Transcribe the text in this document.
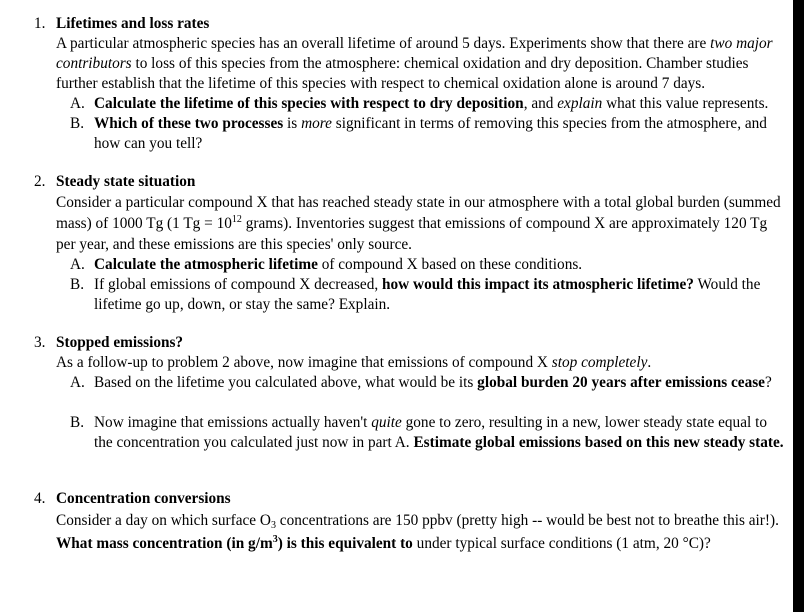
1. Lifetimes and loss rates

A particular atmospheric species has an overall lifetime of around 5 days. Experiments show that there are two major contributors to loss of this species from the atmosphere: chemical oxidation and dry deposition. Chamber studies further establish that the lifetime of this species with respect to chemical oxidation alone is around 7 days.

A. Calculate the lifetime of this species with respect to dry deposition, and explain what this value represents.

B. Which of these two processes is more significant in terms of removing this species from the atmosphere, and how can you tell?

2. Steady state situation

Consider a particular compound X that has reached steady state in our atmosphere with a total global burden (summed mass) of 1000 Tg (1 $Tg = 10^{12}$ grams). Inventories suggest that emissions of compound X are approximately 120 Tg per year, and these emissions are this species' only source.

A. Calculate the atmospheric lifetime of compound X based on these conditions.

B. If global emissions of compound X decreased, how would this impact its atmospheric lifetime? Would the lifetime go up, down, or stay the same? Explain.

3. Stopped emissions?

As a follow-up to problem 2 above, now imagine that emissions of compound X stop completely.

A. Based on the lifetime you calculated above, what would be its global burden 20 years after emissions cease?

B. Now imagine that emissions actually haven't quite gone to zero, resulting in a new, lower steady state equal to the concentration you calculated just now in part A. Estimate global emissions based on this new steady state.

4. Concentration conversions

Consider a day on which surface $O_3$ concentrations are 150 ppbv (pretty high -- would be best not to breathe this air!). What mass concentration (in $g/m^3$) is this equivalent to under typical surface conditions (1 atm, 20 °C)?
